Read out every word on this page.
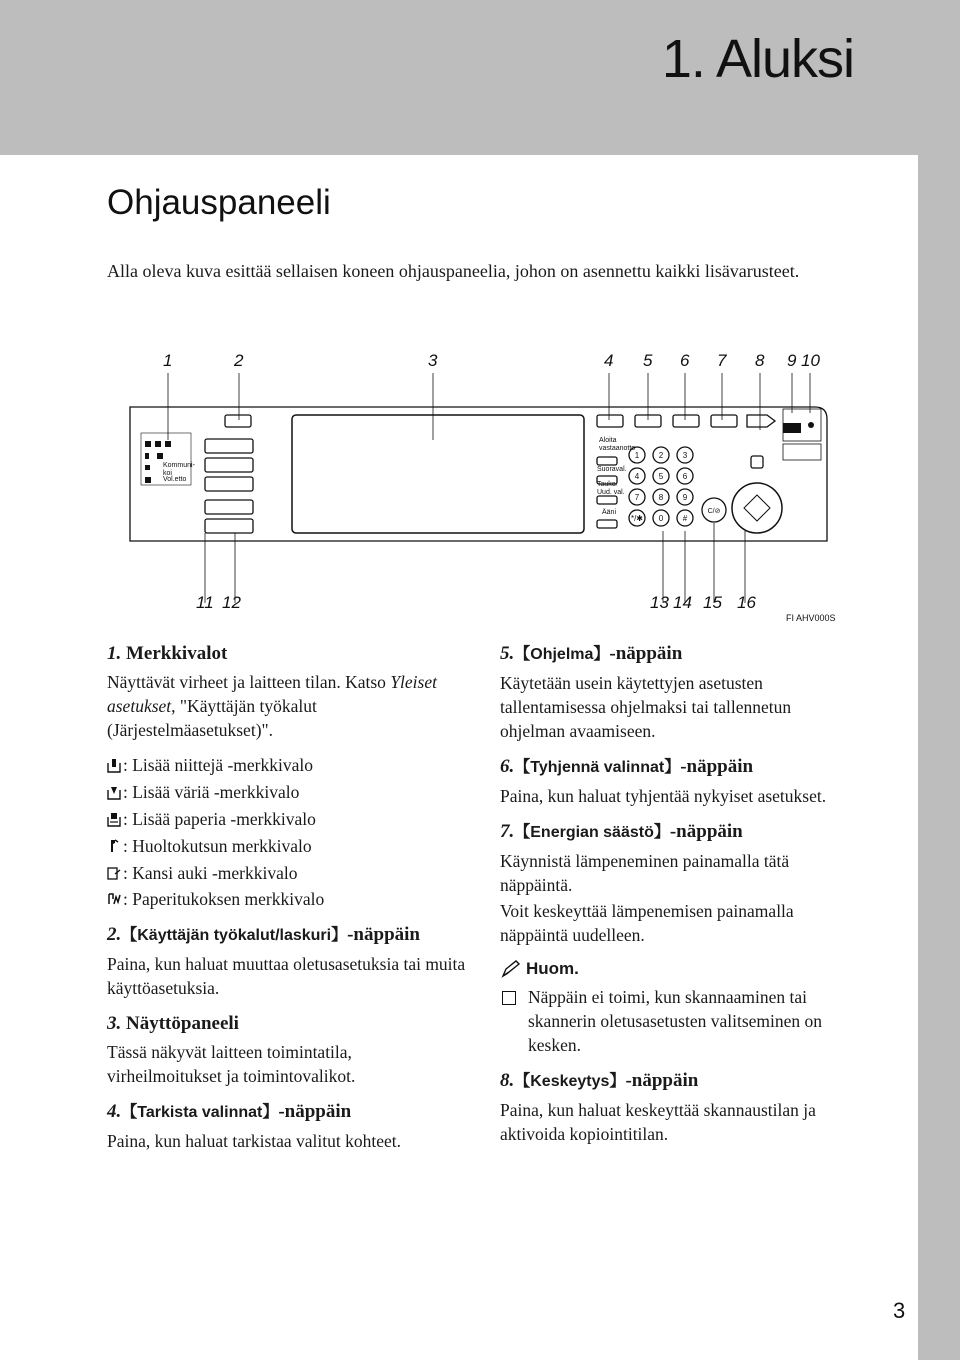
1. Aluksi
Ohjauspaneeli
Alla oleva kuva esittää sellaisen koneen ohjauspaneelia, johon on asennettu kaikki lisävarusteet.
1 2 3
4 5 6
7 8 9
*/✱ 0 #
C/⊘
1	2	3	4 5 6 7 8 9 10
11 12	13 14 15 16
FI AHV000S
Kommuni-
koi
Vol.etto
Aloita
vastaanotto
Suoraval.
Tauko/
Uud. val.
Ääni

1. Merkkivalot

Näyttävät virheet ja laitteen tilan. Katso Yleiset asetukset, "Käyttäjän työkalut (Järjestelmäasetukset)".

: Lisää niittejä -merkkivalo
: Lisää väriä -merkkivalo
: Lisää paperia -merkkivalo
: Huoltokutsun merkkivalo
: Kansi auki -merkkivalo
: Paperitukoksen merkkivalo

2.【Käyttäjän työkalut/laskuri】-näppäin

Paina, kun haluat muuttaa oletusasetuksia tai muita käyttöasetuksia.

3. Näyttöpaneeli

Tässä näkyvät laitteen toimintatila, virheilmoitukset ja toimintovalikot.

4.【Tarkista valinnat】-näppäin

Paina, kun haluat tarkistaa valitut kohteet.

5.【Ohjelma】-näppäin

Käytetään usein käytettyjen asetusten tallentamisessa ohjelmaksi tai tallennetun ohjelman avaamiseen.

6.【Tyhjennä valinnat】-näppäin

Paina, kun haluat tyhjentää nykyiset asetukset.

7.【Energian säästö】-näppäin

Käynnistä lämpeneminen painamalla tätä näppäintä.

Voit keskeyttää lämpenemisen painamalla näppäintä uudelleen.

Huom.
Näppäin ei toimi, kun skannaaminen tai skannerin oletusasetusten valitseminen on kesken.

8.【Keskeytys】-näppäin

Paina, kun haluat keskeyttää skannaustilan ja aktivoida kopiointitilan.

3
